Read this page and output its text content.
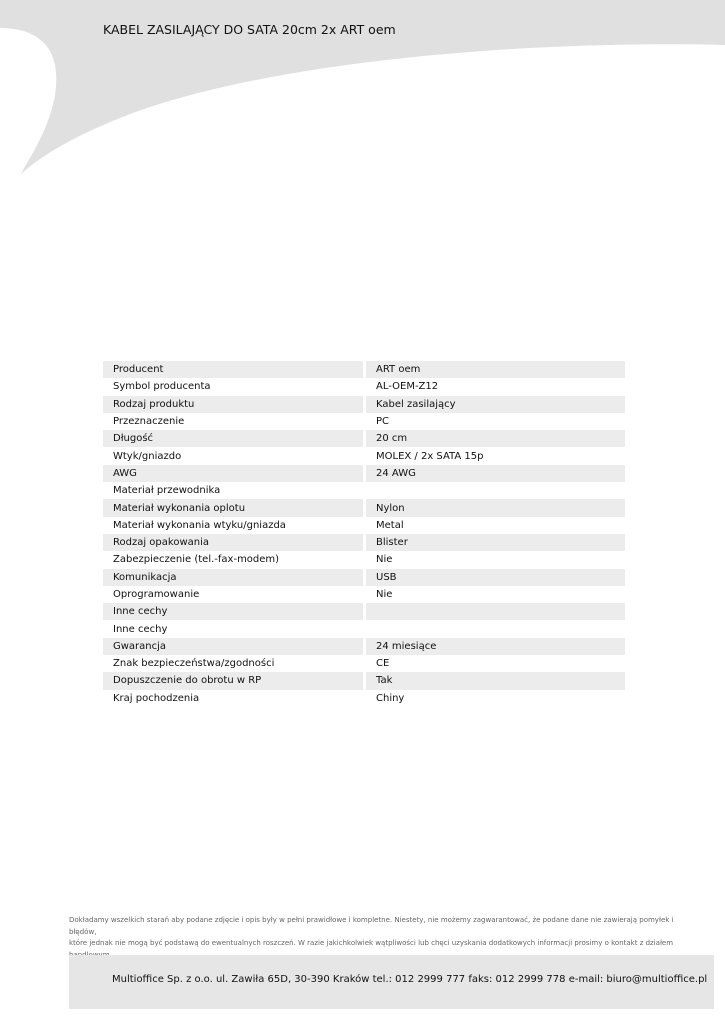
KABEL ZASILAJĄCY DO SATA 20cm 2x ART oem
Producent	ART oem
Symbol producenta	AL-OEM-Z12
Rodzaj produktu	Kabel zasilający
Przeznaczenie	PC
Długość	20 cm
Wtyk/gniazdo	MOLEX / 2x SATA 15p
AWG	24 AWG
Materiał przewodnika	
Materiał wykonania oplotu	Nylon
Materiał wykonania wtyku/gniazda	Metal
Rodzaj opakowania	Blister
Zabezpieczenie (tel.-fax-modem)	Nie
Komunikacja	USB
Oprogramowanie	Nie
Inne cechy	
Inne cechy	
Gwarancja	24 miesiące
Znak bezpieczeństwa/zgodności	CE
Dopuszczenie do obrotu w RP	Tak
Kraj pochodzenia	Chiny
Dokładamy wszelkich starań aby podane zdjęcie i opis były w pełni prawidłowe i kompletne. Niestety, nie możemy zagwarantować, że podane dane nie zawierają pomyłek i błędów,
które jednak nie mogą być podstawą do ewentualnych roszczeń. W razie jakichkolwiek wątpliwości lub chęci uzyskania dodatkowych informacji prosimy o kontakt z działem
Multioffice Sp. z o.o. ul. Zawiła 65D, 30-390 Kraków tel.: 012 2999 777 faks: 012 2999 778 e-mail: biuro@multioffice.pl
